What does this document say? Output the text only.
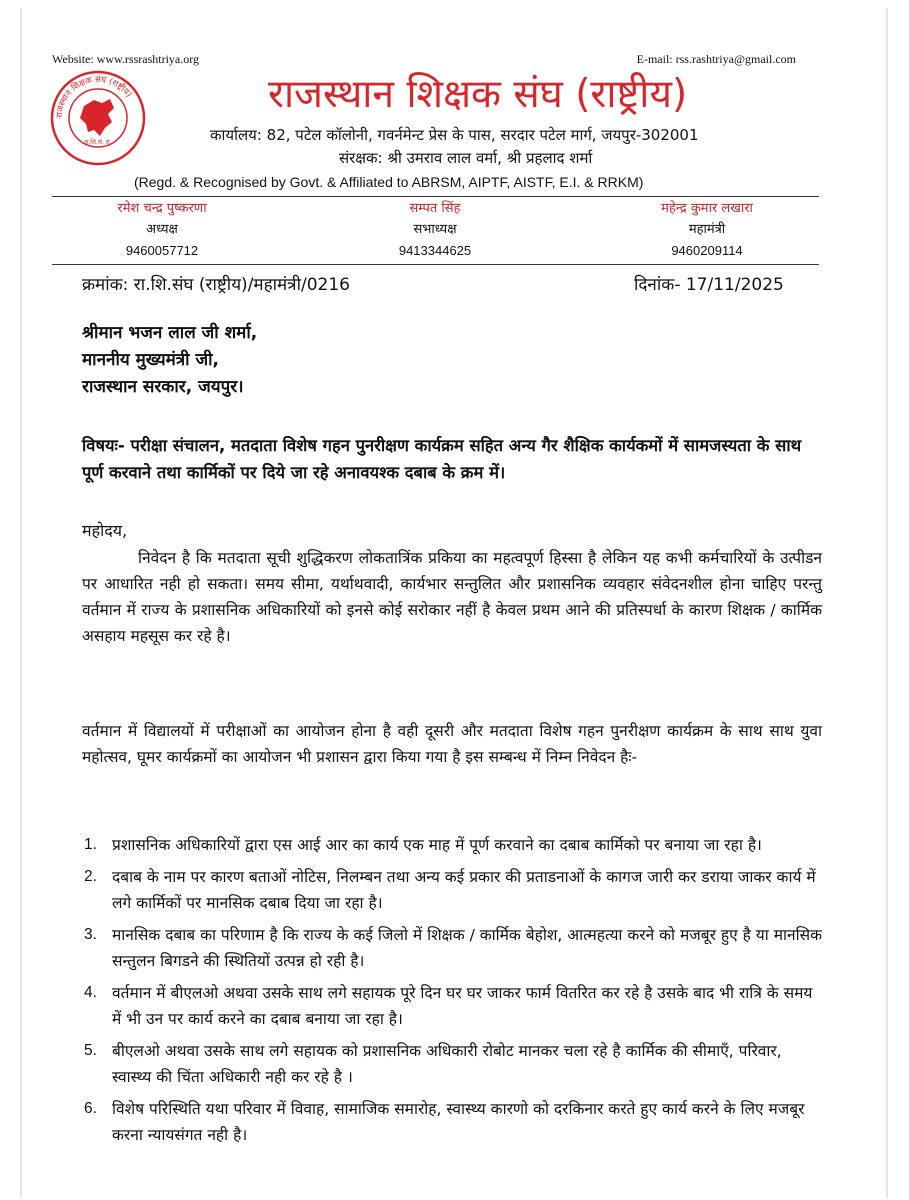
Website: www.rssrashtriya.org	E-mail: rss.rashtriya@gmail.com
राजस्थान शिक्षक संघ (राष्ट्रीय)
रा.शि.सं. रा.
राजस्थान शिक्षक संघ (राष्ट्रीय)
कार्यालय: 82, पटेल कॉलोनी, गवर्नमेन्ट प्रेस के पास, सरदार पटेल मार्ग, जयपुर-302001
संरक्षक: श्री उमराव लाल वर्मा, श्री प्रहलाद शर्मा
(Regd. & Recognised by Govt. & Affiliated to ABRSM, AIPTF, AISTF, E.I. & RRKM)
रमेश चन्द्र पुष्करणा
अध्यक्ष
9460057712
सम्पत सिंह
सभाध्यक्ष
9413344625
महेन्द्र कुमार लखारा
महामंत्री
9460209114
क्रमांक: रा.शि.संघ (राष्ट्रीय)/महामंत्री/0216	दिनांक- 17/11/2025
श्रीमान भजन लाल जी शर्मा,
माननीय मुख्यमंत्री जी,
राजस्थान सरकार, जयपुर।
विषयः- परीक्षा संचालन, मतदाता विशेष गहन पुनरीक्षण कार्यक्रम सहित अन्य गैर शैक्षिक कार्यकमों में सामजस्यता के साथ पूर्ण करवाने तथा कार्मिकों पर दिये जा रहे अनावयश्क दबाब के क्रम में।
महोदय,
निवेदन है कि मतदाता सूची शुद्धिकरण लोकतात्रिंक प्रकिया का महत्वपूर्ण हिस्सा है लेकिन यह कभी कर्मचारियों के उत्पीडन पर आधारित नही हो सकता। समय सीमा, यर्थाथवादी, कार्यभार सन्तुलित और प्रशासनिक व्यवहार संवेदनशील होना चाहिए परन्तु वर्तमान में राज्य के प्रशासनिक अधिकारियों को इनसे कोई सरोकार नहीं है केवल प्रथम आने की प्रतिस्पर्धा के कारण शिक्षक / कार्मिक असहाय महसूस कर रहे है।
वर्तमान में विद्यालयों में परीक्षाओं का आयोजन होना है वही दूसरी और मतदाता विशेष गहन पुनरीक्षण कार्यक्रम के साथ साथ युवा महोत्सव, घूमर कार्यक्रमों का आयोजन भी प्रशासन द्वारा किया गया है इस सम्बन्ध में निम्न निवेदन हैः-
1. प्रशासनिक अधिकारियों द्वारा एस आई आर का कार्य एक माह में पूर्ण करवाने का दबाब कार्मिको पर बनाया जा रहा है।
2. दबाब के नाम पर कारण बताओं नोटिस, निलम्बन तथा अन्य कई प्रकार की प्रताडनाओं के कागज जारी कर डराया जाकर कार्य में लगे कार्मिकों पर मानसिक दबाब दिया जा रहा है।
3. मानसिक दबाब का परिणाम है कि राज्य के कई जिलो में शिक्षक / कार्मिक बेहोश, आत्महत्या करने को मजबूर हुए है या मानसिक सन्तुलन बिगडने की स्थितियों उत्पन्न हो रही है।
4. वर्तमान में बीएलओ अथवा उसके साथ लगे सहायक पूरे दिन घर घर जाकर फार्म वितरित कर रहे है उसके बाद भी रात्रि के समय में भी उन पर कार्य करने का दबाब बनाया जा रहा है।
5. बीएलओ अथवा उसके साथ लगे सहायक को प्रशासनिक अधिकारी रोबोट मानकर चला रहे है कार्मिक की सीमाएँ, परिवार, स्वास्थ्य की चिंता अधिकारी नही कर रहे है ।
6. विशेष परिस्थिति यथा परिवार में विवाह, सामाजिक समारोह, स्वास्थ्य कारणो को दरकिनार करते हुए कार्य करने के लिए मजबूर करना न्यायसंगत नही है।
